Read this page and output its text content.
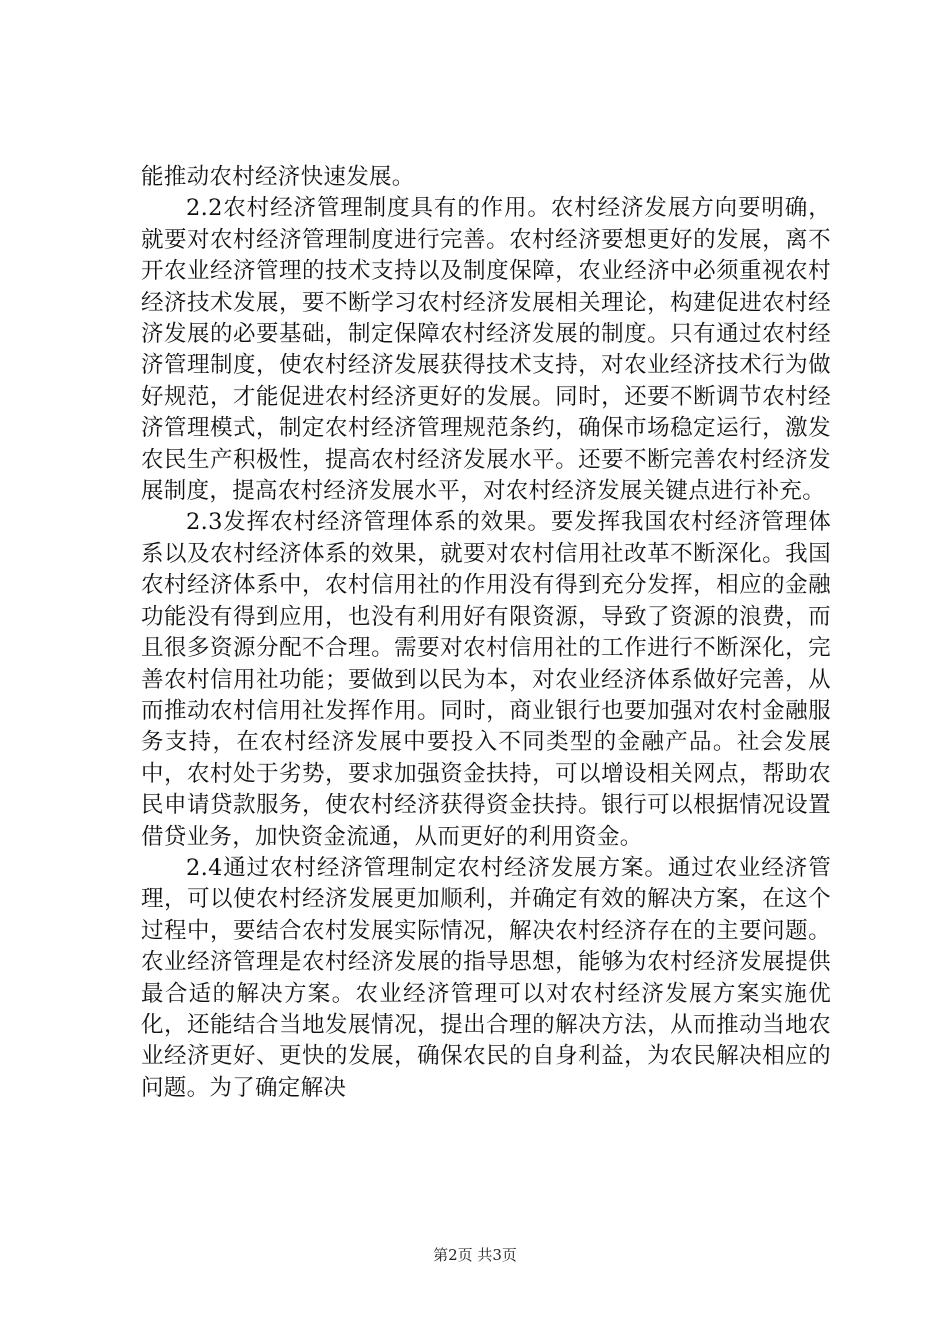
能推动农村经济快速发展。

2.2农村经济管理制度具有的作用。农村经济发展方向要明确，就要对农村经济管理制度进行完善。农村经济要想更好的发展，离不开农业经济管理的技术支持以及制度保障，农业经济中必须重视农村经济技术发展，要不断学习农村经济发展相关理论，构建促进农村经济发展的必要基础，制定保障农村经济发展的制度。只有通过农村经济管理制度，使农村经济发展获得技术支持，对农业经济技术行为做好规范，才能促进农村经济更好的发展。同时，还要不断调节农村经济管理模式，制定农村经济管理规范条约，确保市场稳定运行，激发农民生产积极性，提高农村经济发展水平。还要不断完善农村经济发展制度，提高农村经济发展水平，对农村经济发展关键点进行补充。

2.3发挥农村经济管理体系的效果。要发挥我国农村经济管理体系以及农村经济体系的效果，就要对农村信用社改革不断深化。我国农村经济体系中，农村信用社的作用没有得到充分发挥，相应的金融功能没有得到应用，也没有利用好有限资源，导致了资源的浪费，而且很多资源分配不合理。需要对农村信用社的工作进行不断深化，完善农村信用社功能；要做到以民为本，对农业经济体系做好完善，从而推动农村信用社发挥作用。同时，商业银行也要加强对农村金融服务支持，在农村经济发展中要投入不同类型的金融产品。社会发展中，农村处于劣势，要求加强资金扶持，可以增设相关网点，帮助农民申请贷款服务，使农村经济获得资金扶持。银行可以根据情况设置借贷业务，加快资金流通，从而更好的利用资金。

2.4通过农村经济管理制定农村经济发展方案。通过农业经济管理，可以使农村经济发展更加顺利，并确定有效的解决方案，在这个过程中，要结合农村发展实际情况，解决农村经济存在的主要问题。农业经济管理是农村经济发展的指导思想，能够为农村经济发展提供最合适的解决方案。农业经济管理可以对农村经济发展方案实施优化，还能结合当地发展情况，提出合理的解决方法，从而推动当地农业经济更好、更快的发展，确保农民的自身利益，为农民解决相应的问题。为了确定解决

第2页 共3页
